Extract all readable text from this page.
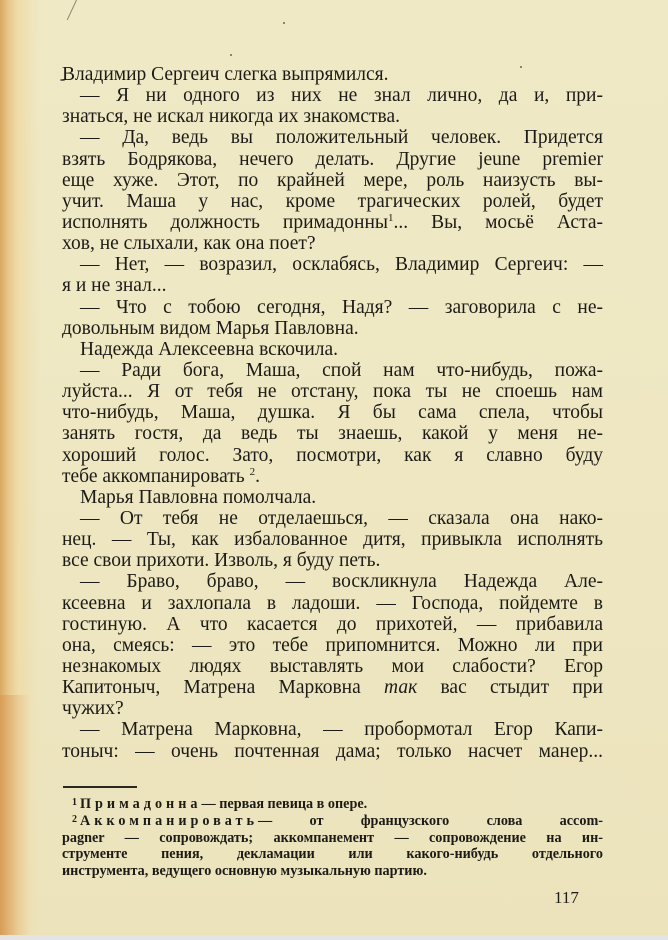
Владимир Сергеич слегка выпрямился.
— Я ни одного из них не знал лично, да и, при-
знаться, не искал никогда их знакомства.
— Да, ведь вы положительный человек. Придется
взять Бодрякова, нечего делать. Другие jeune premier
еще хуже. Этот, по крайней мере, роль наизусть вы-
учит. Маша у нас, кроме трагических ролей, будет
исполнять должность примадонны$^1$... Вы, мосьё Аста-
хов, не слыхали, как она поет?
— Нет, — возразил, осклабясь, Владимир Сергеич: —
я и не знал...
— Что с тобою сегодня, Надя? — заговорила с не-
довольным видом Марья Павловна.
Надежда Алексеевна вскочила.
— Ради бога, Маша, спой нам что-нибудь, пожа-
луйста... Я от тебя не отстану, пока ты не споешь нам
что-нибудь, Маша, душка. Я бы сама спела, чтобы
занять гостя, да ведь ты знаешь, какой у меня не-
хороший голос. Зато, посмотри, как я славно буду
тебе аккомпанировать $^2$.
Марья Павловна помолчала.
— От тебя не отделаешься, — сказала она нако-
нец. — Ты, как избалованное дитя, привыкла исполнять
все свои прихоти. Изволь, я буду петь.
— Браво, браво, — воскликнула Надежда Але-
ксеевна и захлопала в ладоши. — Господа, пойдемте в
гостиную. А что касается до прихотей, — прибавила
она, смеясь: — это тебе припомнится. Можно ли при
незнакомых людях выставлять мои слабости? Егор
Капитоныч, Матрена Марковна так вас стыдит при
чужих?
— Матрена Марковна, — пробормотал Егор Капи-
тоныч: — очень почтенная дама; только насчет манер...
$^1$ Примадонна— первая певица в опере.
$^2$ Аккомпанировать— от французского слова accom-
pagner — сопровождать; аккомпанемент — сопровождение на ин-
струменте пения, декламации или какого-нибудь отдельного
инструмента, ведущего основную музыкальную партию.
117
